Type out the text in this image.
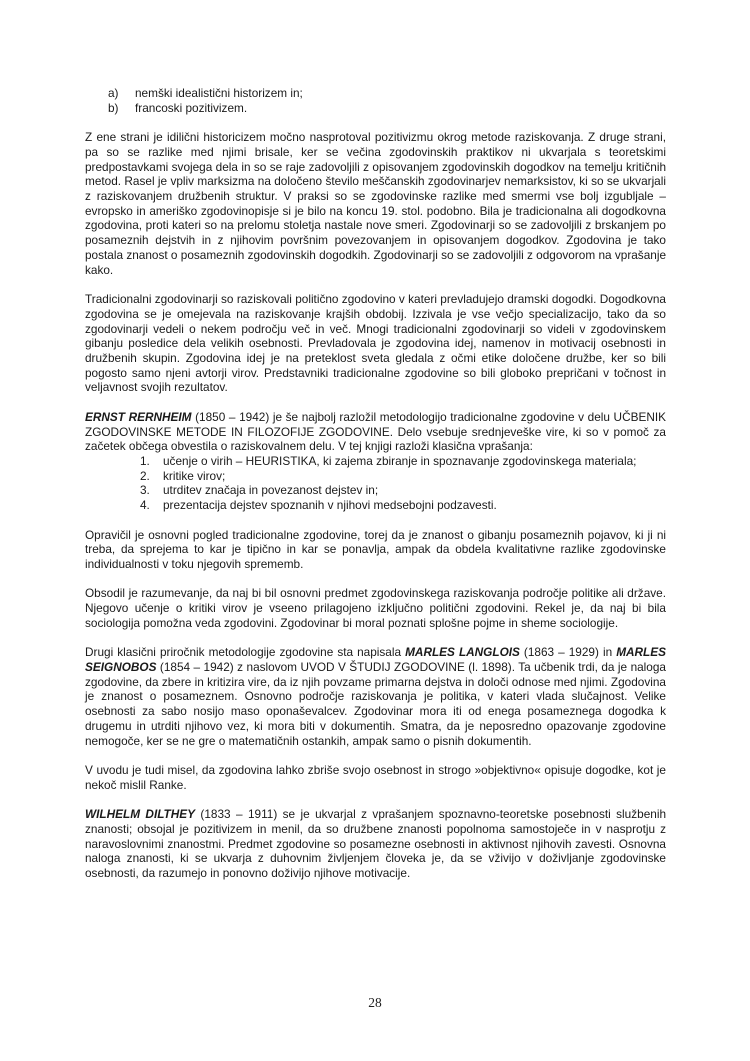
a)	nemški idealistični historizem in;
b)	francoski pozitivizem.
Z ene strani je idilični historicizem močno nasprotoval pozitivizmu okrog metode raziskovanja. Z druge strani, pa so se razlike med njimi brisale, ker se večina zgodovinskih praktikov ni ukvarjala s teoretskimi predpostavkami svojega dela in so se raje zadovoljili z opisovanjem zgodovinskih dogodkov na temelju kritičnih metod. Rasel je vpliv marksizma na določeno število meščanskih zgodovinarjev nemarksistov, ki so se ukvarjali z raziskovanjem družbenih struktur. V praksi so se zgodovinske razlike med smermi vse bolj izgubljale – evropsko in ameriško zgodovinopisje si je bilo na koncu 19. stol. podobno. Bila je tradicionalna ali dogodkovna zgodovina, proti kateri so na prelomu stoletja nastale nove smeri. Zgodovinarji so se zadovoljili z brskanjem po posameznih dejstvih in z njihovim površnim povezovanjem in opisovanjem dogodkov. Zgodovina je tako postala znanost o posameznih zgodovinskih dogodkih. Zgodovinarji so se zadovoljili z odgovorom na vprašanje kako.
Tradicionalni zgodovinarji so raziskovali politično zgodovino v kateri prevladujejo dramski dogodki. Dogodkovna zgodovina se je omejevala na raziskovanje krajših obdobij. Izzivala je vse večjo specializacijo, tako da so zgodovinarji vedeli o nekem področju več in več. Mnogi tradicionalni zgodovinarji so videli v zgodovinskem gibanju posledice dela velikih osebnosti. Prevladovala je zgodovina idej, namenov in motivacij osebnosti in družbenih skupin. Zgodovina idej je na preteklost sveta gledala z očmi etike določene družbe, ker so bili pogosto samo njeni avtorji virov. Predstavniki tradicionalne zgodovine so bili globoko prepričani v točnost in veljavnost svojih rezultatov.
ERNST RERNHEIM (1850 – 1942) je še najbolj razložil metodologijo tradicionalne zgodovine v delu UČBENIK ZGODOVINSKE METODE IN FILOZOFIJE ZGODOVINE. Delo vsebuje srednjeveške vire, ki so v pomoč za začetek občega obvestila o raziskovalnem delu. V tej knjigi razloži klasična vprašanja:
1.	učenje o virih – HEURISTIKA, ki zajema zbiranje in spoznavanje zgodovinskega materiala;
2.	kritike virov;
3.	utrditev značaja in povezanost dejstev in;
4.	prezentacija dejstev spoznanih v njihovi medsebojni podzavesti.
Opravičil je osnovni pogled tradicionalne zgodovine, torej da je znanost o gibanju posameznih pojavov, ki ji ni treba, da sprejema to kar je tipično in kar se ponavlja, ampak da obdela kvalitativne razlike zgodovinske individualnosti v toku njegovih sprememb.
Obsodil je razumevanje, da naj bi bil osnovni predmet zgodovinskega raziskovanja področje politike ali države. Njegovo učenje o kritiki virov je vseeno prilagojeno izključno politični zgodovini. Rekel je, da naj bi bila sociologija pomožna veda zgodovini. Zgodovinar bi moral poznati splošne pojme in sheme sociologije.
Drugi klasični priročnik metodologije zgodovine sta napisala MARLES LANGLOIS (1863 – 1929) in MARLES SEIGNOBOS (1854 – 1942) z naslovom UVOD V ŠTUDIJ ZGODOVINE (l. 1898). Ta učbenik trdi, da je naloga zgodovine, da zbere in kritizira vire, da iz njih povzame primarna dejstva in določi odnose med njimi. Zgodovina je znanost o posameznem. Osnovno področje raziskovanja je politika, v kateri vlada slučajnost. Velike osebnosti za sabo nosijo maso oponaševalcev. Zgodovinar mora iti od enega posameznega dogodka k drugemu in utrditi njihovo vez, ki mora biti v dokumentih. Smatra, da je neposredno opazovanje zgodovine nemogoče, ker se ne gre o matematičnih ostankih, ampak samo o pisnih dokumentih.
V uvodu je tudi misel, da zgodovina lahko zbriše svojo osebnost in strogo »objektivno« opisuje dogodke, kot je nekoč mislil Ranke.
WILHELM DILTHEY (1833 – 1911) se je ukvarjal z vprašanjem spoznavno-teoretske posebnosti službenih znanosti; obsojal je pozitivizem in menil, da so družbene znanosti popolnoma samostoječe in v nasprotju z naravoslovnimi znanostmi. Predmet zgodovine so posamezne osebnosti in aktivnost njihovih zavesti. Osnovna naloga znanosti, ki se ukvarja z duhovnim življenjem človeka je, da se vživijo v doživljanje zgodovinske osebnosti, da razumejo in ponovno doživijo njihove motivacije.
28
